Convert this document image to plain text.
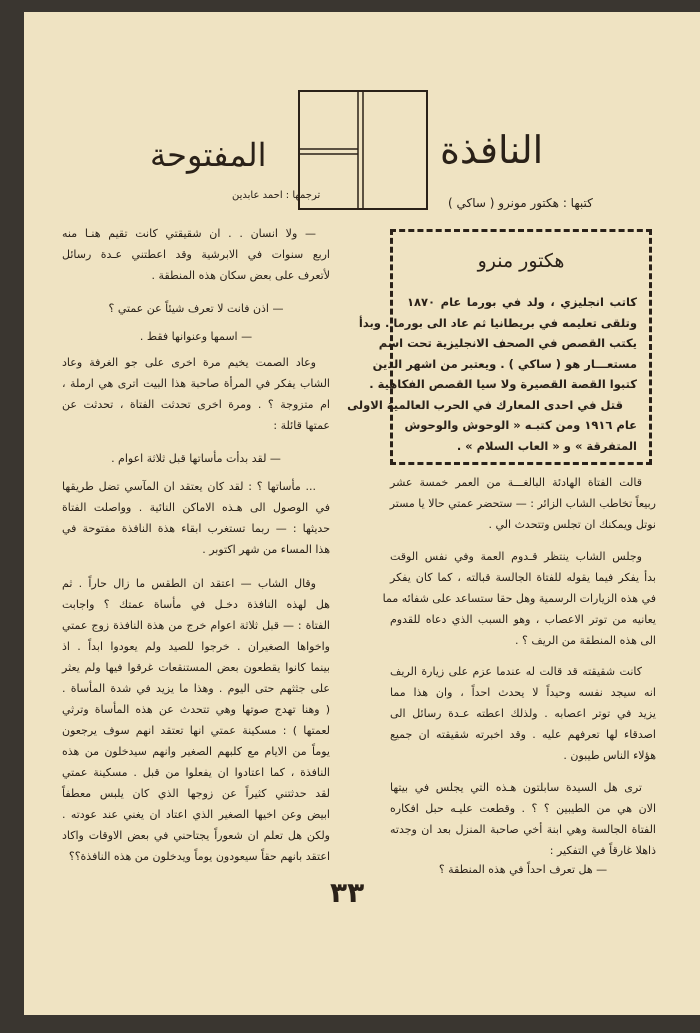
النافذة
المفتوحة
كتبها : هكتور مونرو ( ساكي )
ترجمها : احمد عابدين
هكتور منرو
كاتب انجليزي ، ولد في بورما عام ١٨٧٠
وتلقى تعليمه في بريطانيا ثم عاد الى بورما . وبدأ
يكتب القصص في الصحف الانجليزية تحت اسم
مستعـــار هو ( ساكي ) . ويعتبر من اشهر الذين
كتبوا القصة القصيرة ولا سيا القصص الفكاهية .
قتل في احدى المعارك في الحرب العالمية الاولى
عام ١٩١٦ ومن كتبـه « الوحوش والوحوش
المتفرقة » و « العاب السلام » .
قالت الفتاة الهادئة البالغـــة من العمر خمسة عشر
ربيعاً تخاطب الشاب الزائر : — ستحضر عمتي حالا يا مستر
نوتل ويمكنك ان تجلس وتتحدث الي .
وجلس الشاب ينتظر قـدوم العمة وفي نفس الوقت
بدأ يفكر فيما يقوله للفتاة الجالسة قبالته ، كما كان يفكر
في هذه الزيارات الرسمية وهل حقا ستساعد على شفائه مما
يعانيه من توتر الاعصاب ، وهو السبب الذي دعاه للقدوم
الى هذه المنطقة من الريف ؟ .
كانت شقيقته قد قالت له عندما عزم على زيارة الريف
انه سيجد نفسه وحيداً لا يحدث احداً ، وان هذا مما
يزيد في توتر اعصابه . ولذلك اعطته عـدة رسائل الى
اصدقاء لها تعرفهم عليه . وقد اخبرته شقيقته ان جميع
هؤلاء الناس طيبون .
ترى هل السيدة سابلتون هـذه التي يجلس في بيتها
الان هي من الطيبين ؟ ؟ . وقطعت عليـه حبل افكاره
الفتاة الجالسة وهي ابنة أخي صاحبة المنزل بعد ان وجدته
ذاهلا غارقاً في التفكير :
— هل تعرف احداً في هذه المنطقة ؟
— ولا انسان . . ان شقيقتي كانت تقيم هنـا منه
اربع سنوات في الابرشية وقد اعطتني عـدة رسائل
لأتعرف على بعض سكان هذه المنطقة .
— اذن فانت لا تعرف شيئاً عن عمتي ؟
— اسمها وعنوانها فقط .
وعاد الصمت يخيم مرة اخرى على جو الغرفة وعاد
الشاب يفكر في المرأة صاحبة هذا البيت اترى هي ارملة ،
ام متزوجة ؟ . ومرة اخرى تحدثت الفتاة ، تحدثت عن
عمتها قائلة :
— لقد بدأت مأساتها قبل ثلاثة اعوام .
... مأساتها ؟ : لقد كان يعتقد ان المآسي تضل طريقها
في الوصول الى هـذه الاماكن النائية . وواصلت الفتاة
حديثها : — ربما تستغرب ابقاء هذة النافذة مفتوحة في
هذا المساء من شهر اكتوبر .
وقال الشاب — اعتقد ان الطقس ما زال حاراً . ثم
هل لهذه النافذة دخـل في مأساة عمتك ؟ واجابت
الفتاة : — قبل ثلاثة اعوام خرج من هذة النافذة زوج عمتي
واخواها الصغيران . خرجوا للصيد ولم يعودوا ابداً . اذ
بينما كانوا يقطعون بعض المستنقعات غرقوا فيها ولم يعثر
على جثثهم حتى اليوم . وهذا ما يزيد في شدة المأساة .
( وهنا تهدج صوتها وهي تتحدث عن هذه المأساة وترثي
لعمتها ) : مسكينة عمتي انها تعتقد انهم سوف يرجعون
يوماً من الايام مع كلبهم الصغير وانهم سيدخلون من هذه
النافذة ، كما اعتادوا ان يفعلوا من قبل . مسكينة عمتي
لقد حدثتني كثيراً عن زوجها الذي كان يلبس معطفاً
ابيض وعن اخيها الصغير الذي اعتاد ان يغني عند عودته .
ولكن هل تعلم ان شعوراً يجتاحني في بعض الاوقات واكاد
اعتقد بانهم حقاً سيعودون يوماً ويدخلون من هذه النافذة؟؟
٣٣
